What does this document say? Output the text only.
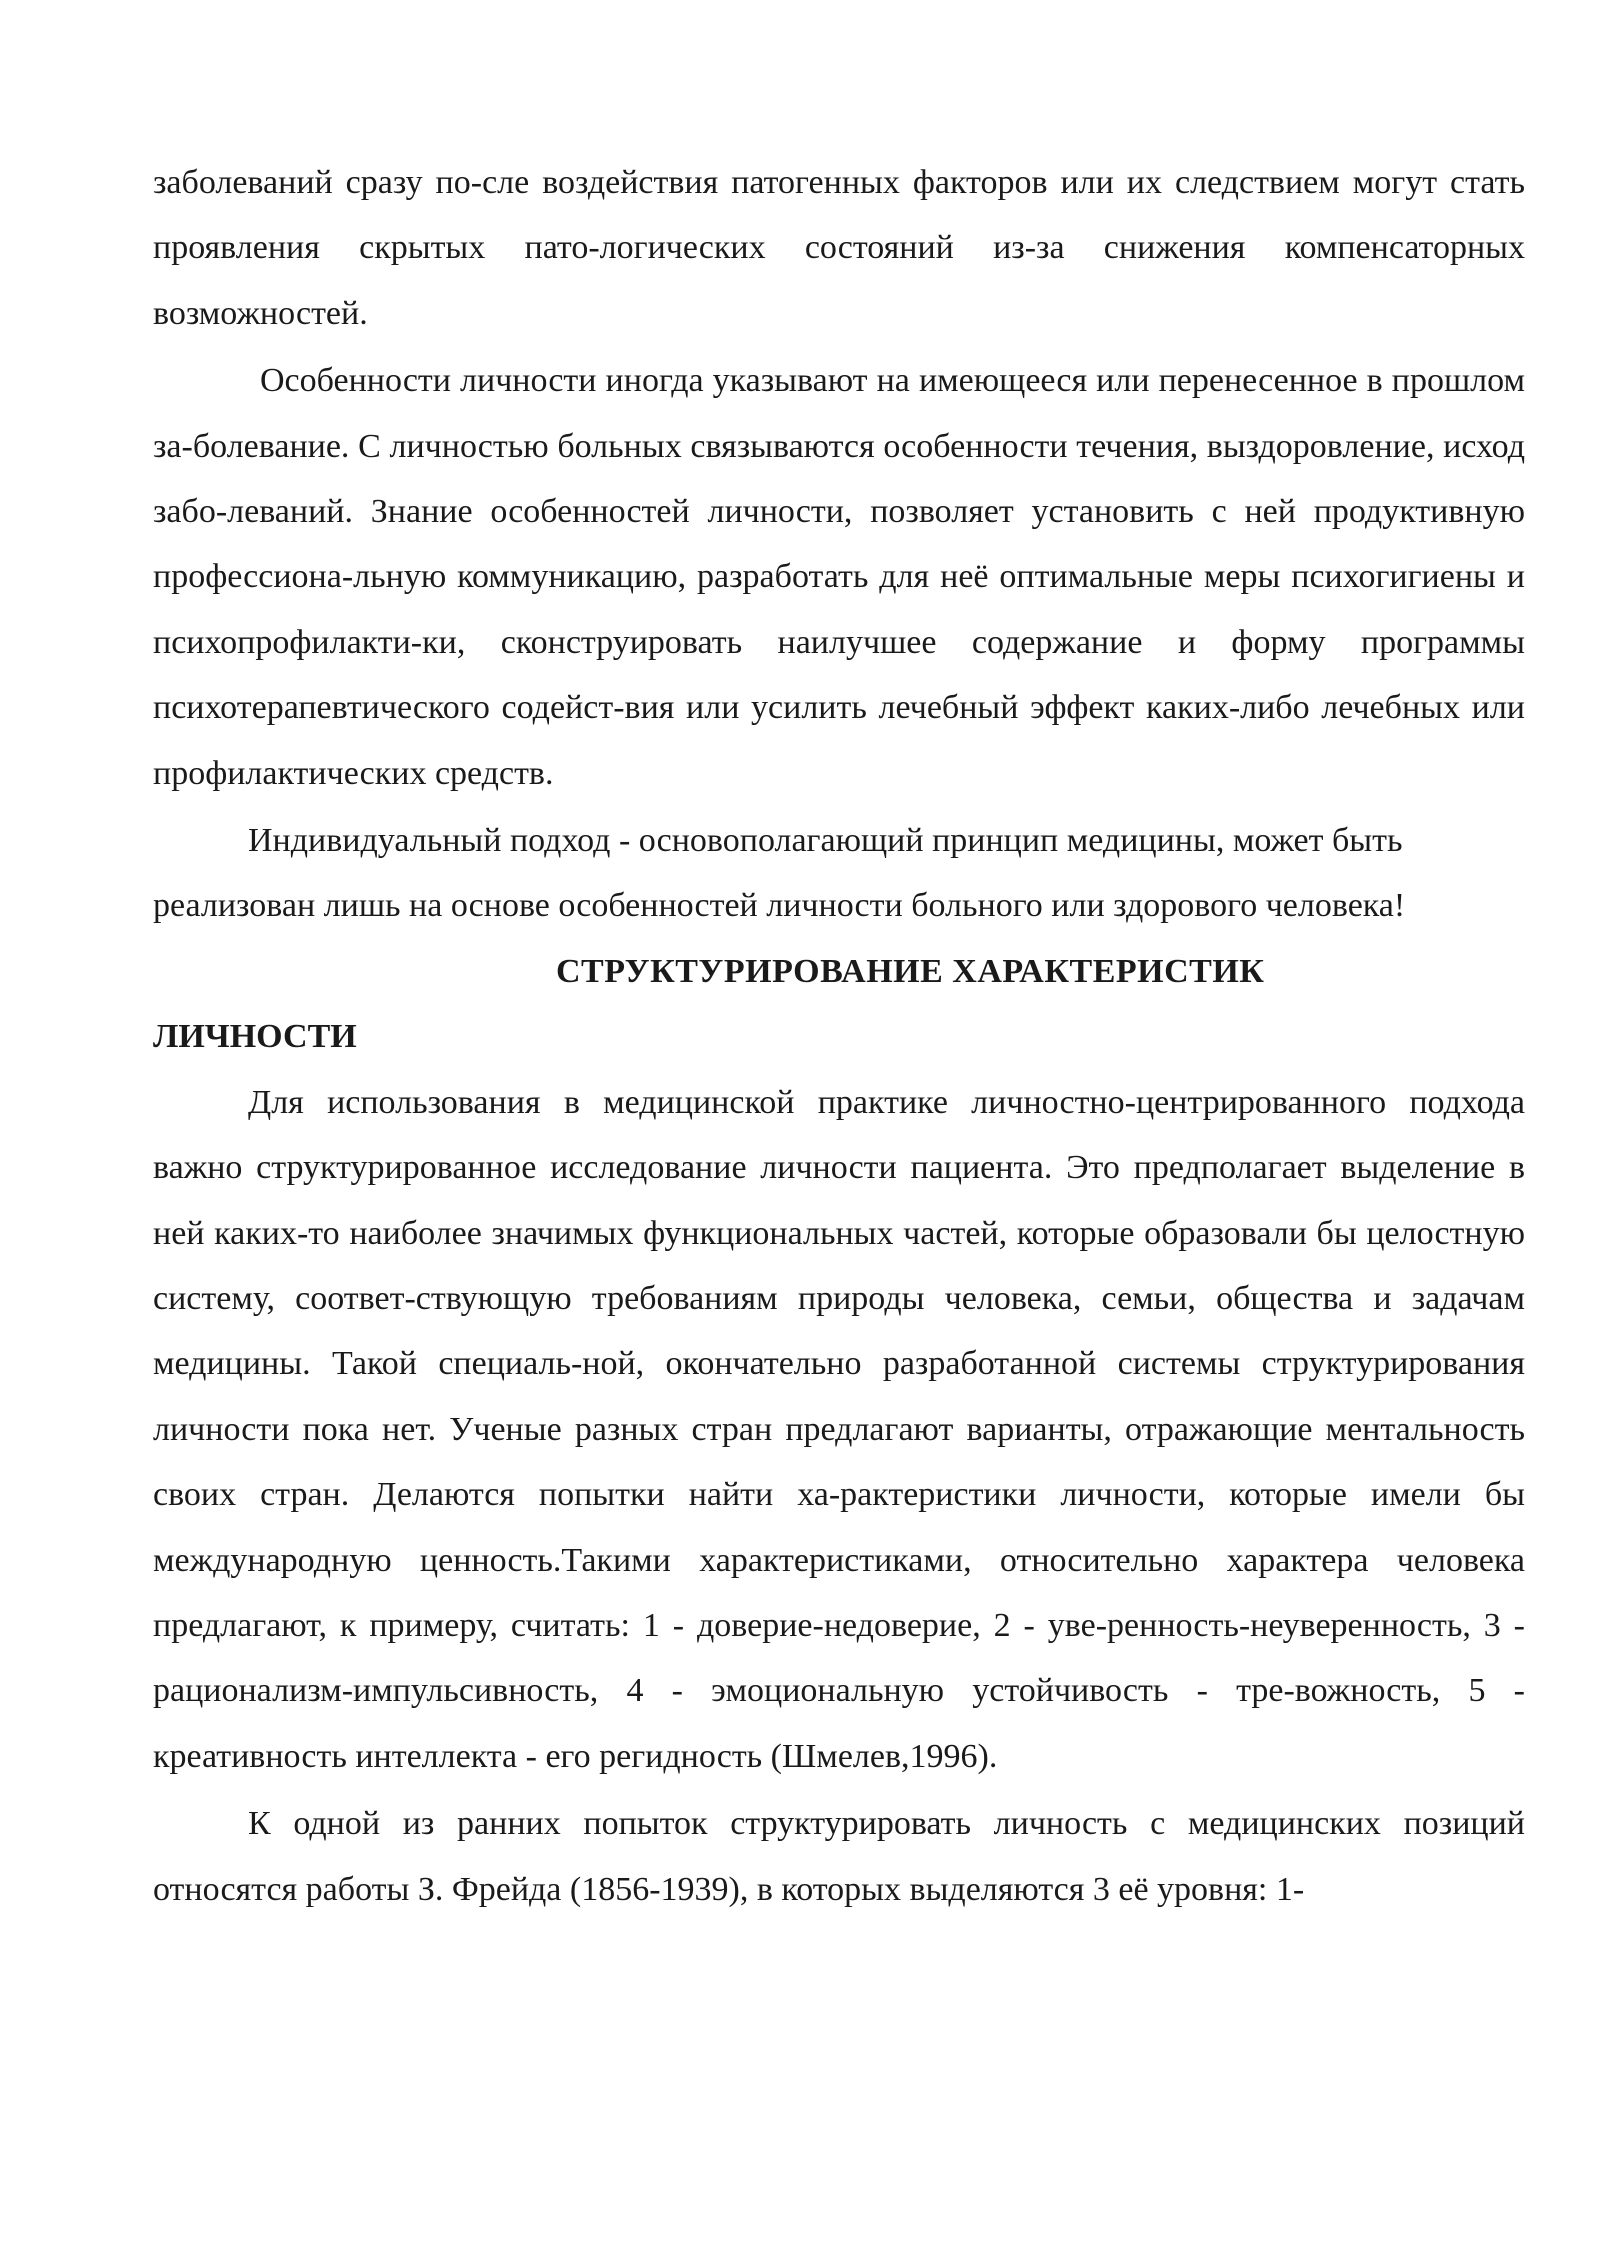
заболеваний сразу по-сле воздействия патогенных факторов или их следствием могут стать проявления скрытых пато-логических состояний из-за снижения компенсаторных возможностей.

Особенности личности иногда указывают на имеющееся или перенесенное в прошлом за-болевание. С личностью больных связываются особенности течения, выздоровление, исход забо-леваний. Знание особенностей личности, позволяет установить с ней продуктивную профессиона-льную коммуникацию, разработать для неё оптимальные меры психогигиены и психопрофилакти-ки, сконструировать наилучшее содержание и форму программы психотерапевтического содейст-вия или усилить лечебный эффект каких-либо лечебных или профилактических средств.

Индивидуальный подход - основополагающий принцип медицины, может быть реализован лишь на основе особенностей личности больного или здорового человека!

СТРУКТУРИРОВАНИЕ ХАРАКТЕРИСТИК
ЛИЧНОСТИ

Для использования в медицинской практике личностно-центрированного подхода важно структурированное исследование личности пациента. Это предполагает выделение в ней каких-то наиболее значимых функциональных частей, которые образовали бы целостную систему, соответ-ствующую требованиям природы человека, семьи, общества и задачам медицины. Такой специаль-ной, окончательно разработанной системы структурирования личности пока нет. Ученые разных стран предлагают варианты, отражающие ментальность своих стран. Делаются попытки найти ха-рактеристики личности, которые имели бы международную ценность.Такими характеристиками, относительно характера человека предлагают, к примеру, считать: 1 - доверие-недоверие, 2 - уве-ренность-неуверенность, 3 - рационализм-импульсивность, 4 - эмоциональную устойчивость - тре-вожность, 5 - креативность интеллекта - его регидность (Шмелев,1996).

К одной из ранних попыток структурировать личность с медицинских позиций относятся работы З. Фрейда (1856-1939), в которых выделяются 3 её уровня: 1-
